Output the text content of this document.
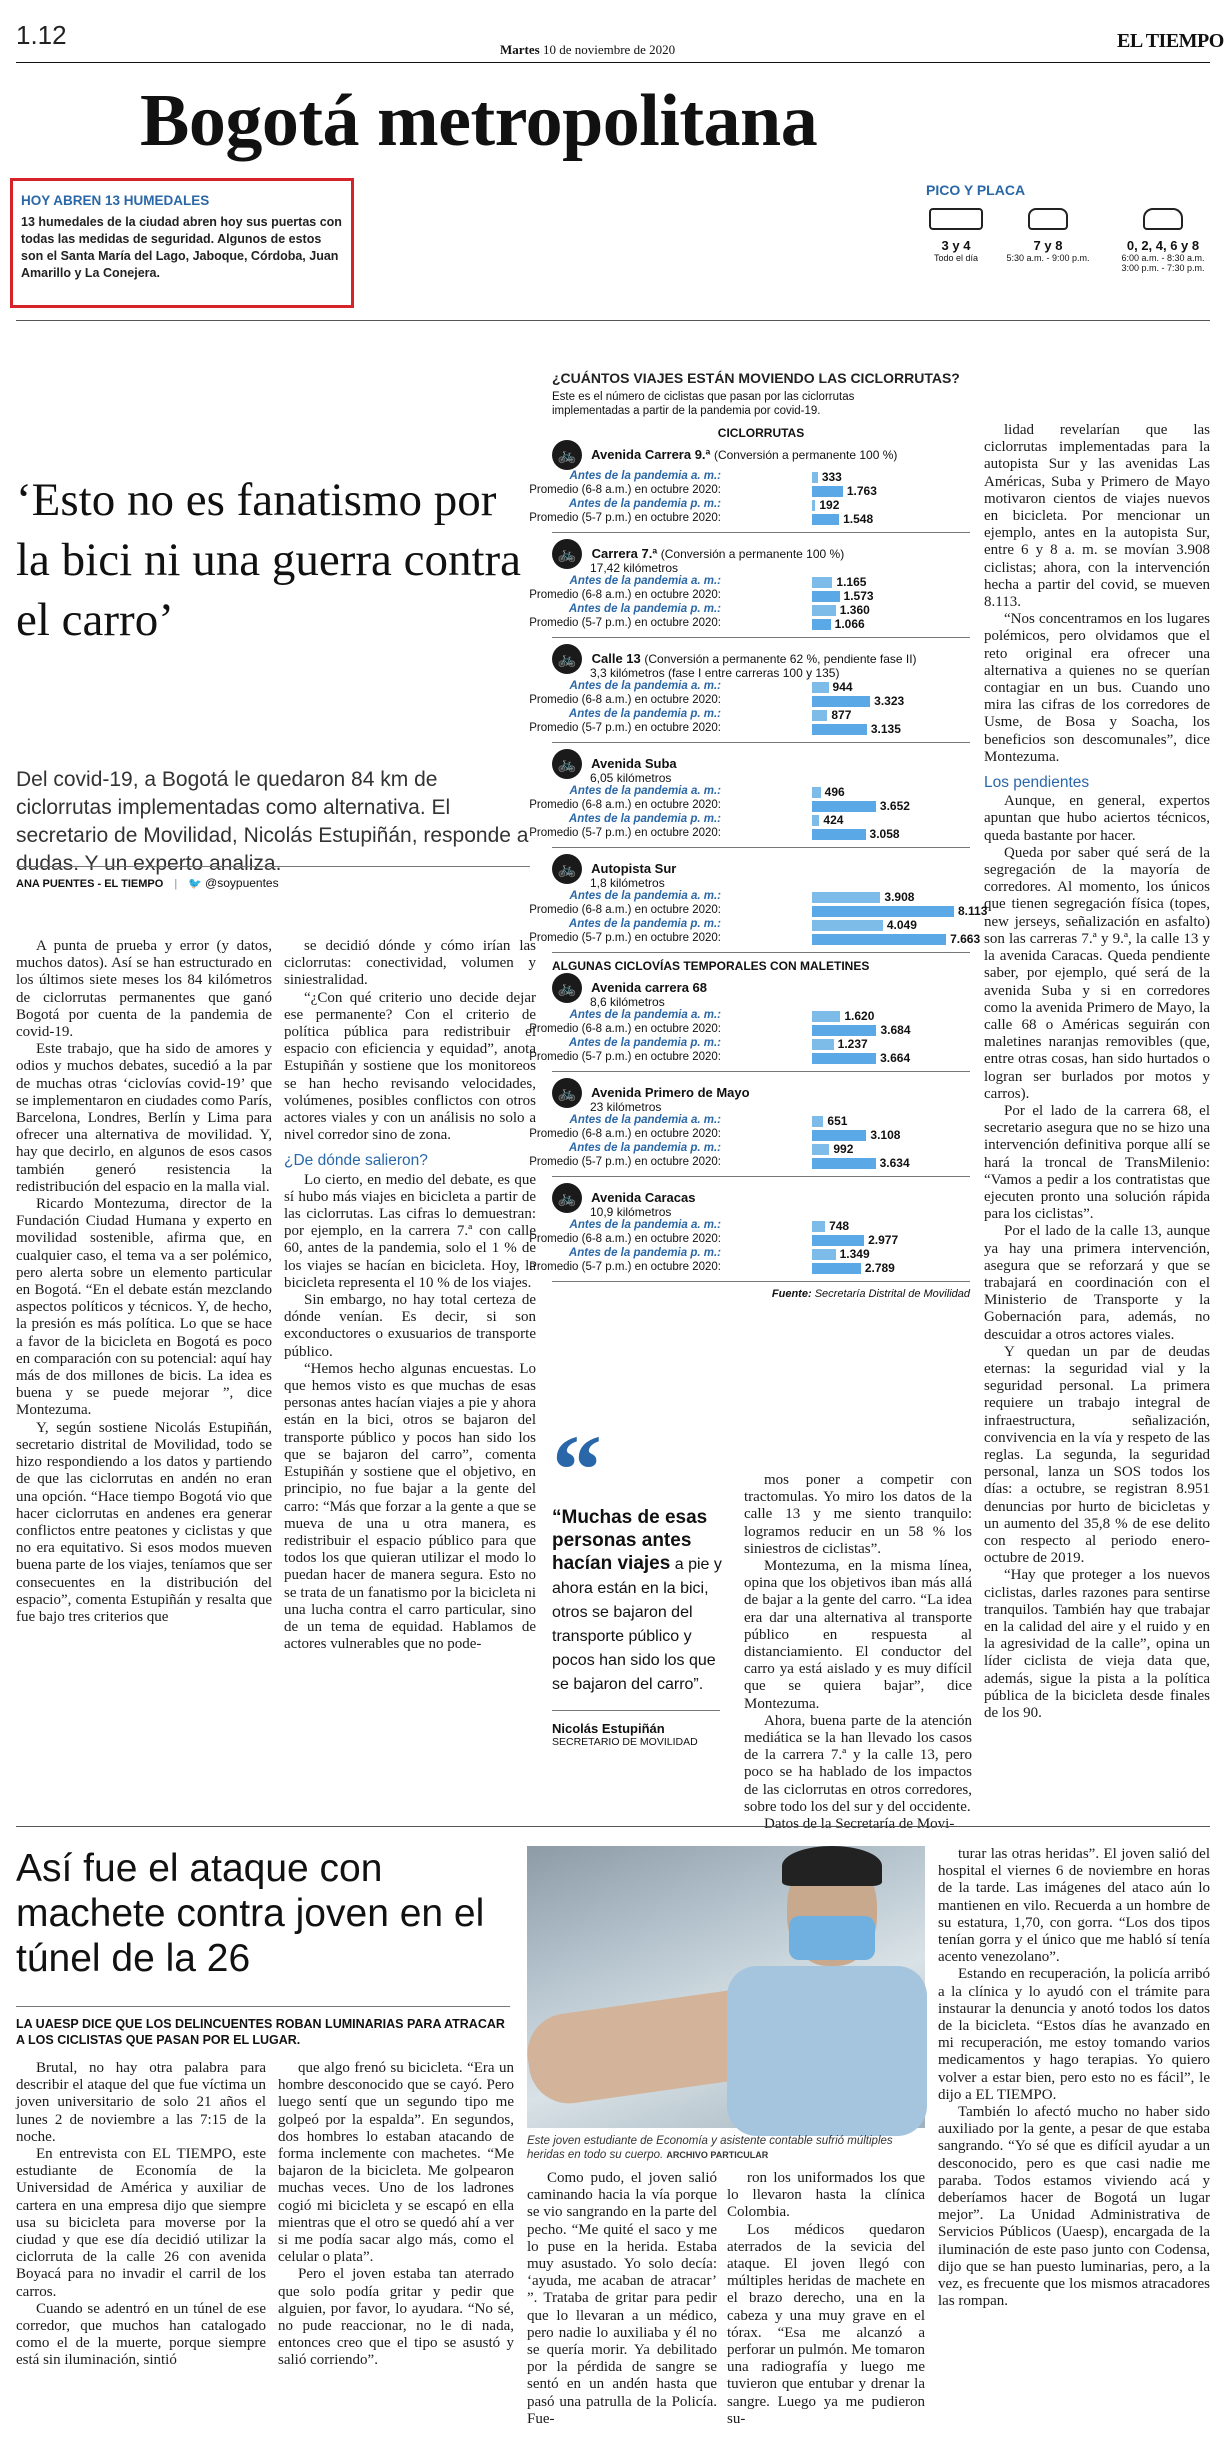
1.12	Martes 10 de noviembre de 2020	EL TIEMPO
Bogotá metropolitana
HOY ABREN 13 HUMEDALES
13 humedales de la ciudad abren hoy sus puertas con todas las medidas de seguridad. Algunos de estos son el Santa María del Lago, Jaboque, Córdoba, Juan Amarillo y La Conejera.
PICO Y PLACA
3 y 4
Todo el día
7 y 8
5:30 a.m. - 9:00 p.m.
0, 2, 4, 6 y 8
6:00 a.m. - 8:30 a.m.
3:00 p.m. - 7:30 p.m.
‘Esto no es fanatismo por la bici ni una guerra contra el carro’
Del covid-19, a Bogotá le quedaron 84 km de ciclorrutas implementadas como alternativa. El secretario de Movilidad, Nicolás Estupiñán, responde a dudas. Y un experto analiza.
ANA PUENTES - EL TIEMPO | 🐦 @soypuentes

A punta de prueba y error (y datos, muchos datos). Así se han estructurado en los últimos siete meses los 84 kilómetros de ciclorrutas permanentes que ganó Bogotá por cuenta de la pandemia de covid-19.

Este trabajo, que ha sido de amores y odios y muchos debates, sucedió a la par de muchas otras ‘ciclovías covid-19’ que se implementaron en ciudades como París, Barcelona, Londres, Berlín y Lima para ofrecer una alternativa de movilidad. Y, hay que decirlo, en algunos de esos casos también generó resistencia la redistribución del espacio en la malla vial.

Ricardo Montezuma, director de la Fundación Ciudad Humana y experto en movilidad sostenible, afirma que, en cualquier caso, el tema va a ser polémico, pero alerta sobre un elemento particular en Bogotá. “En el debate están mezclando aspectos políticos y técnicos. Y, de hecho, la presión es más política. Lo que se hace a favor de la bicicleta en Bogotá es poco en comparación con su potencial: aquí hay más de dos millones de bicis. La idea es buena y se puede mejorar ”, dice Montezuma.

Y, según sostiene Nicolás Estupiñán, secretario distrital de Movilidad, todo se hizo respondiendo a los datos y partiendo de que las ciclorrutas en andén no eran una opción. “Hace tiempo Bogotá vio que hacer ciclorrutas en andenes era generar conflictos entre peatones y ciclistas y que no era equitativo. Si esos modos mueven buena parte de los viajes, teníamos que ser consecuentes en la distribución del espacio”, comenta Estupiñán y resalta que fue bajo tres criterios que

se decidió dónde y cómo irían las ciclorrutas: conectividad, volumen y siniestralidad.

“¿Con qué criterio uno decide dejar ese permanente? Con el criterio de política pública para redistribuir el espacio con eficiencia y equidad”, anota Estupiñán y sostiene que los monitoreos se han hecho revisando velocidades, volúmenes, posibles conflictos con otros actores viales y con un análisis no solo a nivel corredor sino de zona.

¿De dónde salieron?

Lo cierto, en medio del debate, es que sí hubo más viajes en bicicleta a partir de las ciclorrutas. Las cifras lo demuestran: por ejemplo, en la carrera 7.ª con calle 60, antes de la pandemia, solo el 1 % de los viajes se hacían en bicicleta. Hoy, la bicicleta representa el 10 % de los viajes.

Sin embargo, no hay total certeza de dónde venían. Es decir, si son exconductores o exusuarios de transporte público.

“Hemos hecho algunas encuestas. Lo que hemos visto es que muchas de esas personas antes hacían viajes a pie y ahora están en la bici, otros se bajaron del transporte público y pocos han sido los que se bajaron del carro”, comenta Estupiñán y sostiene que el objetivo, en principio, no fue bajar a la gente del carro: “Más que forzar a la gente a que se mueva de una u otra manera, es redistribuir el espacio público para que todos los que quieran utilizar el modo lo puedan hacer de manera segura. Esto no se trata de un fanatismo por la bicicleta ni una lucha contra el carro particular, sino de un tema de equidad. Hablamos de actores vulnerables que no pode-

“
“Muchas de esas personas antes hacían viajes a pie y ahora están en la bici, otros se bajaron del transporte público y pocos han sido los que se bajaron del carro”.
Nicolás Estupiñán
SECRETARIO DE MOVILIDAD

mos poner a competir con tractomulas. Yo miro los datos de la calle 13 y me siento tranquilo: logramos reducir en un 58 % los siniestros de ciclistas”.

Montezuma, en la misma línea, opina que los objetivos iban más allá de bajar a la gente del carro. “La idea era dar una alternativa al transporte público en respuesta al distanciamiento. El conductor del carro ya está aislado y es muy difícil que se quiera bajar”, dice Montezuma.

Ahora, buena parte de la atención mediática se la han llevado los casos de la carrera 7.ª y la calle 13, pero poco se ha hablado de los impactos de las ciclorrutas en otros corredores, sobre todo los del sur y del occidente.

Datos de la Secretaría de Movi-

lidad revelarían que las ciclorrutas implementadas para la autopista Sur y las avenidas Las Américas, Suba y Primero de Mayo motivaron cientos de viajes nuevos en bicicleta. Por mencionar un ejemplo, antes en la autopista Sur, entre 6 y 8 a. m. se movían 3.908 ciclistas; ahora, con la intervención hecha a partir del covid, se mueven 8.113.

“Nos concentramos en los lugares polémicos, pero olvidamos que el reto original era ofrecer una alternativa a quienes no se querían contagiar en un bus. Cuando uno mira las cifras de los corredores de Usme, de Bosa y Soacha, los beneficios son descomunales”, dice Montezuma.

Los pendientes

Aunque, en general, expertos apuntan que hubo aciertos técnicos, queda bastante por hacer.

Queda por saber qué será de la segregación de la mayoría de corredores. Al momento, los únicos que tienen segregación física (topes, new jerseys, señalización en asfalto) son las carreras 7.ª y 9.ª, la calle 13 y la avenida Caracas. Queda pendiente saber, por ejemplo, qué será de la avenida Suba y si en corredores como la avenida Primero de Mayo, la calle 68 o Américas seguirán con maletines naranjas removibles (que, entre otras cosas, han sido hurtados o logran ser burlados por motos y carros).

Por el lado de la carrera 68, el secretario asegura que no se hizo una intervención definitiva porque allí se hará la troncal de TransMilenio: “Vamos a pedir a los contratistas que ejecuten pronto una solución rápida para los ciclistas”.

Por el lado de la calle 13, aunque ya hay una primera intervención, asegura que se reforzará y que se trabajará en coordinación con el Ministerio de Transporte y la Gobernación para, además, no descuidar a otros actores viales.

Y quedan un par de deudas eternas: la seguridad vial y la seguridad personal. La primera requiere un trabajo integral de infraestructura, señalización, convivencia en la vía y respeto de las reglas. La segunda, la seguridad personal, lanza un SOS todos los días: a octubre, se registran 8.951 denuncias por hurto de bicicletas y un aumento del 35,8 % de ese delito con respecto al periodo enero-octubre de 2019.

“Hay que proteger a los nuevos ciclistas, darles razones para sentirse tranquilos. También hay que trabajar en la calidad del aire y el ruido y en la agresividad de la calle”, opina un líder ciclista de vieja data que, además, sigue la pista a la política pública de la bicicleta desde finales de los 90.

¿CUÁNTOS VIAJES ESTÁN MOVIENDO LAS CICLORRUTAS?
Este es el número de ciclistas que pasan por las ciclorrutas implementadas a partir de la pandemia por covid-19.
CICLORRUTAS
🚲 Avenida Carrera 9.ª (Conversión a permanente 100 %)
Antes de la pandemia a. m.:	333
Promedio (6-8 a.m.) en octubre 2020:	1.763
Antes de la pandemia p. m.:	192
Promedio (5-7 p.m.) en octubre 2020:	1.548
🚲 Carrera 7.ª (Conversión a permanente 100 %)
17,42 kilómetros
Antes de la pandemia a. m.:	1.165
Promedio (6-8 a.m.) en octubre 2020:	1.573
Antes de la pandemia p. m.:	1.360
Promedio (5-7 p.m.) en octubre 2020:	1.066
🚲 Calle 13 (Conversión a permanente 62 %, pendiente fase II)
3,3 kilómetros (fase I entre carreras 100 y 135)
Antes de la pandemia a. m.:	944
Promedio (6-8 a.m.) en octubre 2020:	3.323
Antes de la pandemia p. m.:	877
Promedio (5-7 p.m.) en octubre 2020:	3.135
🚲 Avenida Suba
6,05 kilómetros
Antes de la pandemia a. m.:	496
Promedio (6-8 a.m.) en octubre 2020:	3.652
Antes de la pandemia p. m.:	424
Promedio (5-7 p.m.) en octubre 2020:	3.058
🚲 Autopista Sur
1,8 kilómetros
Antes de la pandemia a. m.:	3.908
Promedio (6-8 a.m.) en octubre 2020:	8.113
Antes de la pandemia p. m.:	4.049
Promedio (5-7 p.m.) en octubre 2020:	7.663
ALGUNAS CICLOVÍAS TEMPORALES CON MALETINES
🚲 Avenida carrera 68
8,6 kilómetros
Antes de la pandemia a. m.:	1.620
Promedio (6-8 a.m.) en octubre 2020:	3.684
Antes de la pandemia p. m.:	1.237
Promedio (5-7 p.m.) en octubre 2020:	3.664
🚲 Avenida Primero de Mayo
23 kilómetros
Antes de la pandemia a. m.:	651
Promedio (6-8 a.m.) en octubre 2020:	3.108
Antes de la pandemia p. m.:	992
Promedio (5-7 p.m.) en octubre 2020:	3.634
🚲 Avenida Caracas
10,9 kilómetros
Antes de la pandemia a. m.:	748
Promedio (6-8 a.m.) en octubre 2020:	2.977
Antes de la pandemia p. m.:	1.349
Promedio (5-7 p.m.) en octubre 2020:	2.789
Fuente: Secretaría Distrital de Movilidad
Así fue el ataque con machete contra joven en el túnel de la 26
LA UAESP DICE QUE LOS DELINCUENTES ROBAN LUMINARIAS PARA ATRACAR A LOS CICLISTAS QUE PASAN POR EL LUGAR.
Este joven estudiante de Economía y asistente contable sufrió múltiples heridas en todo su cuerpo. ARCHIVO PARTICULAR

Brutal, no hay otra palabra para describir el ataque del que fue víctima un joven universitario de solo 21 años el lunes 2 de noviembre a las 7:15 de la noche.

En entrevista con EL TIEMPO, este estudiante de Economía de la Universidad de América y auxiliar de cartera en una empresa dijo que siempre usa su bicicleta para moverse por la ciudad y que ese día decidió utilizar la ciclorruta de la calle 26 con avenida Boyacá para no invadir el carril de los carros.

Cuando se adentró en un túnel de ese corredor, que muchos han catalogado como el de la muerte, porque siempre está sin iluminación, sintió

que algo frenó su bicicleta. “Era un hombre desconocido que se cayó. Pero luego sentí que un segundo tipo me golpeó por la espalda”. En segundos, dos hombres lo estaban atacando de forma inclemente con machetes. “Me bajaron de la bicicleta. Me golpearon muchas veces. Uno de los ladrones cogió mi bicicleta y se escapó en ella mientras que el otro se quedó ahí a ver si me podía sacar algo más, como el celular o plata”.

Pero el joven estaba tan aterrado que solo podía gritar y pedir que alguien, por favor, lo ayudara. “No sé, no pude reaccionar, no le di nada, entonces creo que el tipo se asustó y salió corriendo”.

Como pudo, el joven salió caminando hacia la vía porque se vio sangrando en la parte del pecho. “Me quité el saco y me lo puse en la herida. Estaba muy asustado. Yo solo decía: ‘ayuda, me acaban de atracar’ ”. Trataba de gritar para pedir que lo llevaran a un médico, pero nadie lo auxiliaba y él no se quería morir. Ya debilitado por la pérdida de sangre se sentó en un andén hasta que pasó una patrulla de la Policía. Fue-

ron los uniformados los que lo llevaron hasta la clínica Colombia.

Los médicos quedaron aterrados de la sevicia del ataque. El joven llegó con múltiples heridas de machete en el brazo derecho, una en la cabeza y una muy grave en el tórax. “Esa me alcanzó a perforar un pulmón. Me tomaron una radiografía y luego me tuvieron que entubar y drenar la sangre. Luego ya me pudieron su-

turar las otras heridas”. El joven salió del hospital el viernes 6 de noviembre en horas de la tarde. Las imágenes del ataco aún lo mantienen en vilo. Recuerda a un hombre de su estatura, 1,70, con gorra. “Los dos tipos tenían gorra y el único que me habló sí tenía acento venezolano”.

Estando en recuperación, la policía arribó a la clínica y lo ayudó con el trámite para instaurar la denuncia y anotó todos los datos de la bicicleta. “Estos días he avanzado en mi recuperación, me estoy tomando varios medicamentos y hago terapias. Yo quiero volver a estar bien, pero esto no es fácil”, le dijo a EL TIEMPO.

También lo afectó mucho no haber sido auxiliado por la gente, a pesar de que estaba sangrando. “Yo sé que es difícil ayudar a un desconocido, pero es que casi nadie me paraba. Todos estamos viviendo acá y deberíamos hacer de Bogotá un lugar mejor”. La Unidad Administrativa de Servicios Públicos (Uaesp), encargada de la iluminación de este paso junto con Codensa, dijo que se han puesto luminarias, pero, a la vez, es frecuente que los mismos atracadores las rompan.
